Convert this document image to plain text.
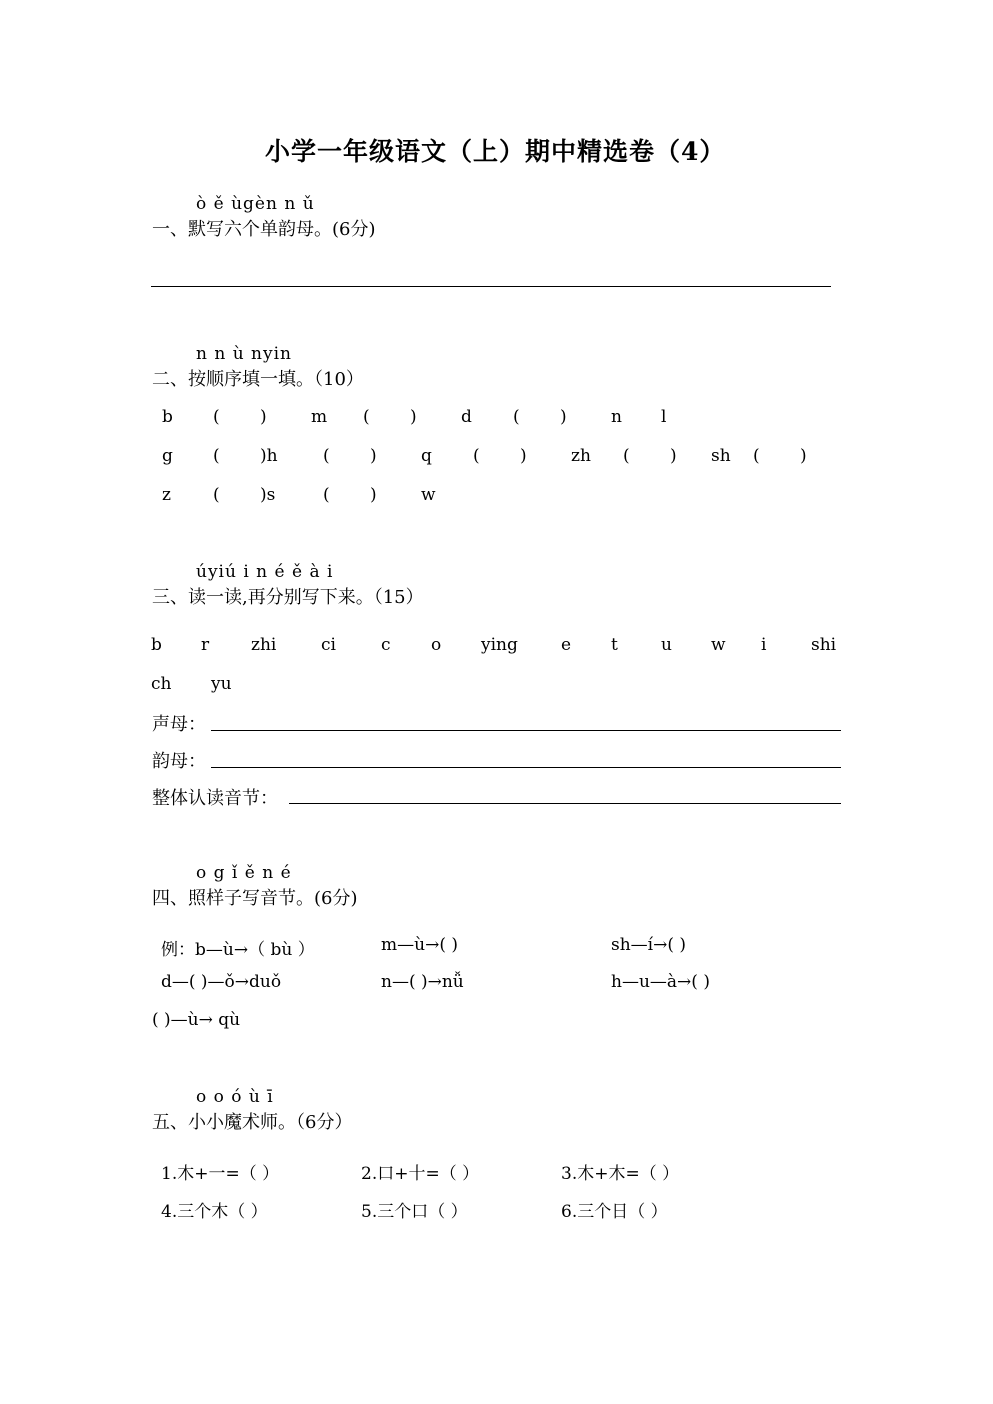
小学一年级语文（上）期中精选卷（4）
ò ě ùgèn n ǔ
一、默写六个单韵母。(6分)
n n ù nyin
二、按顺序填一填。（10）
b ( )	m ( )	d ( )	n l
g ( )h	( )	q ( )	zh ( ) sh ( )
z ( )s	( )	w
úyiú i n é ě à i
三、读一读,再分别写下来。（15）
b r zhi	ci	c o ying	e t	u w i	shi
ch yu
声母：
韵母：
整体认读音节：
o g ǐ ě n é
四、照样子写音节。(6分)
例：b—ù→（ bù ）	m—ù→( )	sh—í→( )
d—( )—ǒ→duǒ	n—( )→nǚ	h—u—à→( )
( )—ù→ qù
o o ó ù ī
五、小小魔术师。（6分）
1.木+一=（ ）	2.口+十=（ ）	3.木+木=（ ）
4.三个木（ ）	5.三个口（ ）	6.三个日（ ）
